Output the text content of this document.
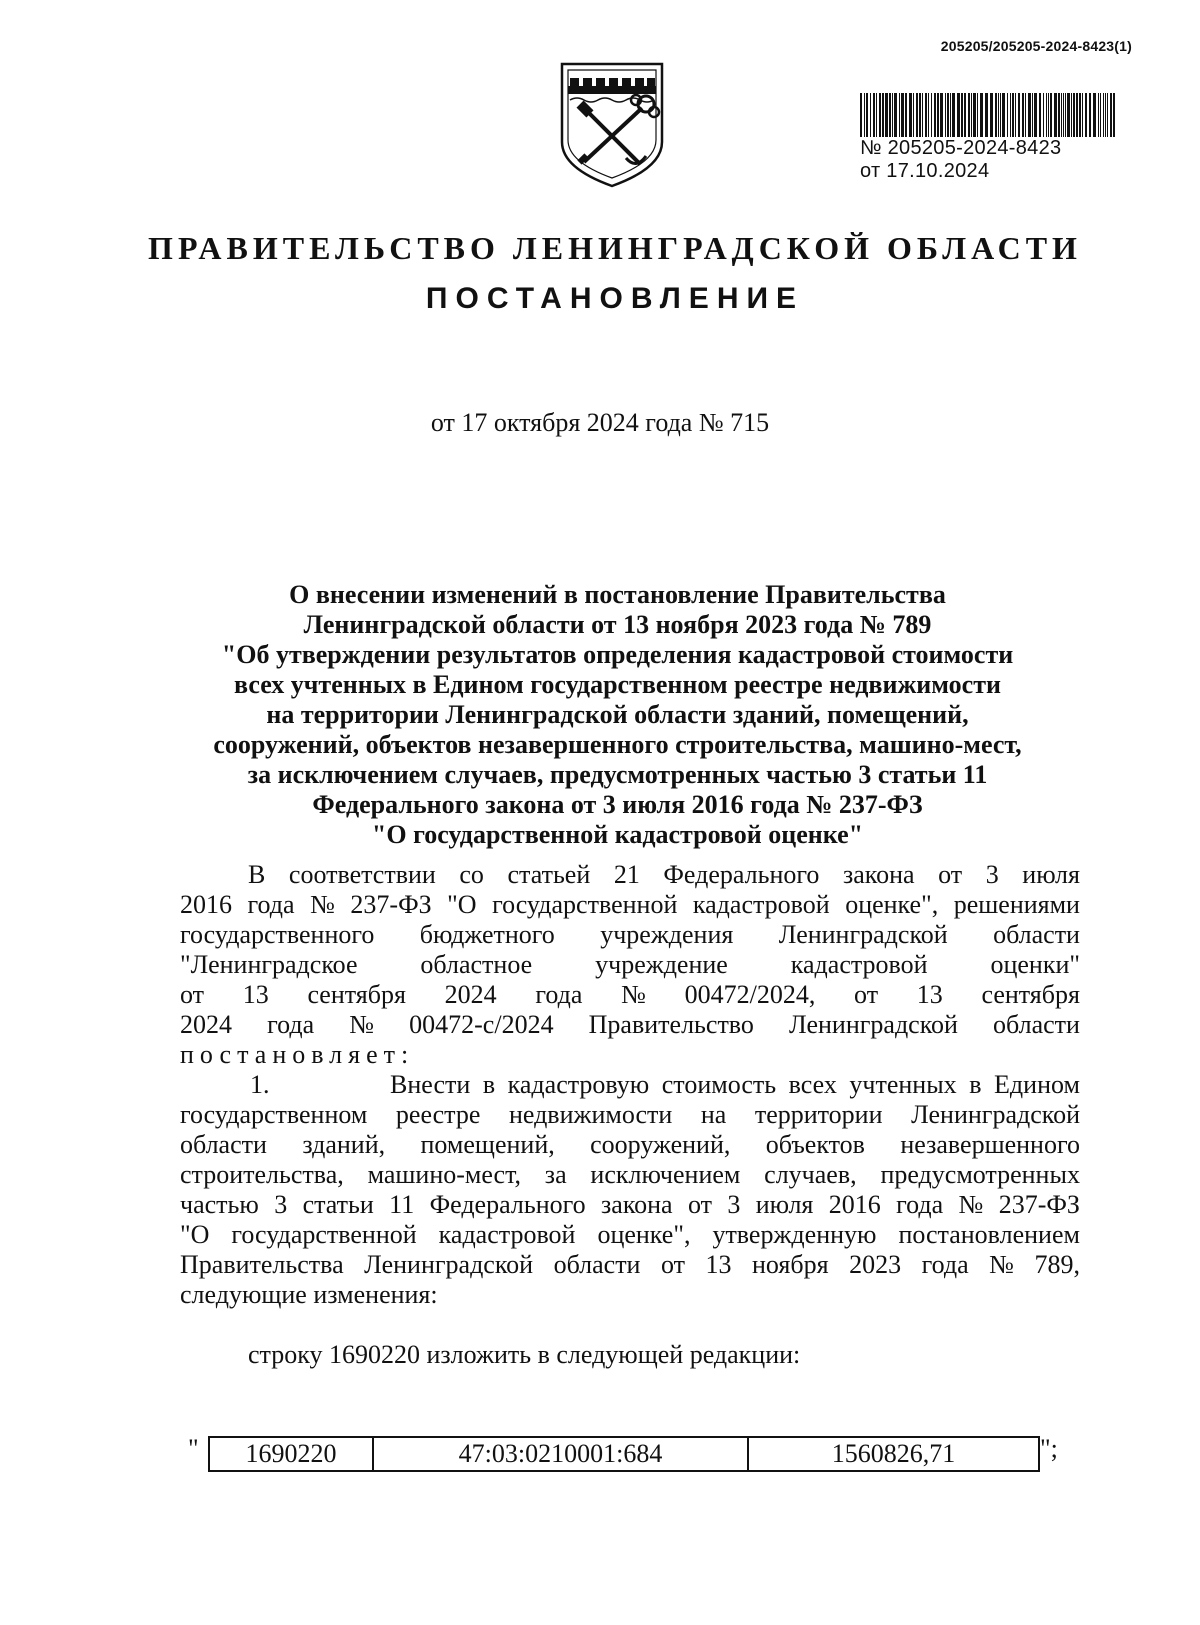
205205/205205-2024-8423(1)
№ 205205-2024-8423
от 17.10.2024
ПРАВИТЕЛЬСТВО ЛЕНИНГРАДСКОЙ ОБЛАСТИ
ПОСТАНОВЛЕНИЕ
от 17 октября 2024 года № 715
О внесении изменений в постановление Правительства
Ленинградской области от 13 ноября 2023 года № 789
"Об утверждении результатов определения кадастровой стоимости
всех учтенных в Едином государственном реестре недвижимости
на территории Ленинградской области зданий, помещений,
сооружений, объектов незавершенного строительства, машино-мест,
за исключением случаев, предусмотренных частью 3 статьи 11
Федерального закона от 3 июля 2016 года № 237-ФЗ
"О государственной кадастровой оценке"
В соответствии со статьей 21 Федерального закона от 3 июля
2016 года № 237-ФЗ "О государственной кадастровой оценке", решениями
государственного бюджетного учреждения Ленинградской области
"Ленинградское областное учреждение кадастровой оценки"
от 13 сентября 2024 года № 00472/2024, от 13 сентября
2024 года № 00472-с/2024 Правительство Ленинградской области
постановляет:
1.	Внести в кадастровую стоимость всех учтенных в Едином
государственном реестре недвижимости на территории Ленинградской
области зданий, помещений, сооружений, объектов незавершенного
строительства, машино-мест, за исключением случаев, предусмотренных
частью 3 статьи 11 Федерального закона от 3 июля 2016 года № 237-ФЗ
"О государственной кадастровой оценке", утвержденную постановлением
Правительства Ленинградской области от 13 ноября 2023 года № 789,
следующие изменения:
строку 1690220 изложить в следующей редакции:
"	1690220	47:03:0210001:684	1560826,71	";
